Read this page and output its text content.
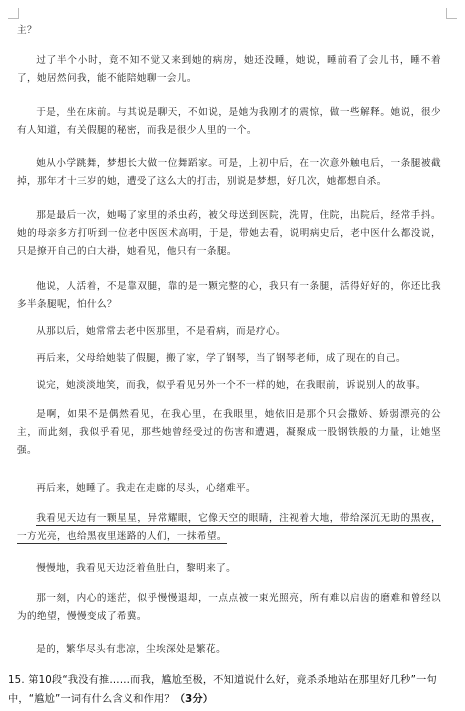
主？

过了半个小时，竟不知不觉又来到她的病房，她还没睡，她说，睡前看了会儿书，睡不着了，她居然问我，能不能陪她聊一会儿。

于是，坐在床前。与其说是聊天，不如说，是她为我刚才的震惊，做一些解释。她说，很少有人知道，有关假腿的秘密，而我是很少人里的一个。

她从小学跳舞，梦想长大做一位舞蹈家。可是，上初中后，在一次意外触电后，一条腿被截掉，那年才十三岁的她，遭受了这么大的打击，别说是梦想，好几次，她都想自杀。

那是最后一次，她喝了家里的杀虫药，被父母送到医院，洗胃，住院，出院后，经常手抖。她的母亲多方打听到一位老中医医术高明，于是，带她去看，说明病史后，老中医什么都没说，只是撩开自己的白大褂，她看见，他只有一条腿。

他说，人活着，不是靠双腿，靠的是一颗完整的心，我只有一条腿，活得好好的，你还比我多半条腿呢，怕什么？

从那以后，她常常去老中医那里，不是看病，而是疗心。

再后来，父母给她装了假腿，搬了家，学了钢琴，当了钢琴老师，成了现在的自己。

说完，她淡淡地笑，而我，似乎看见另外一个不一样的她，在我眼前，诉说别人的故事。

是啊，如果不是偶然看见，在我心里，在我眼里，她依旧是那个只会撒娇、娇弱漂亮的公主，而此刻，我似乎看见，那些她曾经受过的伤害和遭遇，凝聚成一股钢铁般的力量，让她坚强。

再后来，她睡了。我走在走廊的尽头，心绪难平。

我看见天边有一颗星星，异常耀眼，它像天空的眼睛，注视着大地，带给深沉无助的黑夜，一方光亮，也给黑夜里迷路的人们，一抹希望。

慢慢地，我看见天边泛着鱼肚白，黎明来了。

那一刻，内心的迷茫，似乎慢慢退却，一点点被一束光照亮，所有难以启齿的磨难和曾经以为的绝望，慢慢变成了希冀。

是的，繁华尽头有悲凉，尘埃深处是繁花。

15. 第10段“我没有推……而我，尴尬至极，不知道说什么好，竟杀杀地站在那里好几秒”一句中，“尴尬”一词有什么含义和作用？（3分）
